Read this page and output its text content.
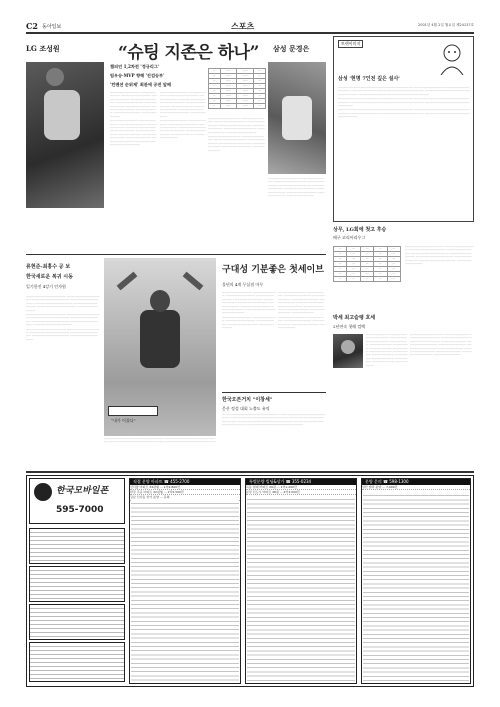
C2 동아일보	스포츠	2001년 4월 2일 월요일 제24137호
LG 조성원	“슈팅 지존은 하나” 삼성 문경은
챔피언 1,2차전 '정규리그'
팀우승·MVP 향해 '진검승부'
'컨벤션 순위제' 최관에 공전 앞배

ㅡㅡㅡㅡㅡㅡㅡㅡㅡㅡㅡㅡ ㅡㅡㅡㅡㅡㅡㅡㅡㅡㅡ ㅡㅡㅡㅡㅡㅡㅡㅡㅡㅡㅡㅡ ㅡㅡㅡㅡㅡㅡㅡㅡㅡㅡ ㅡㅡㅡㅡㅡㅡㅡㅡㅡㅡㅡㅡ ㅡㅡㅡㅡㅡㅡㅡㅡㅡㅡㅡ ㅡㅡㅡㅡㅡㅡㅡㅡㅡㅡㅡ ㅡㅡㅡㅡㅡㅡㅡㅡㅡㅡ ㅡㅡㅡㅡㅡㅡㅡㅡㅡㅡㅡㅡ ㅡㅡㅡㅡㅡㅡㅡㅡㅡ ㅡㅡㅡㅡㅡㅡㅡㅡㅡㅡㅡ ㅡㅡㅡㅡㅡㅡㅡㅡㅡㅡ

ㅡㅡㅡㅡㅡㅡㅡㅡㅡㅡㅡ ㅡㅡㅡㅡㅡㅡㅡㅡㅡㅡ ㅡㅡㅡㅡㅡㅡㅡㅡㅡㅡㅡ ㅡㅡㅡㅡㅡㅡㅡㅡㅡㅡ ㅡㅡㅡㅡㅡㅡㅡㅡㅡㅡㅡㅡ ㅡㅡㅡㅡㅡㅡㅡㅡㅡㅡ ㅡㅡㅡㅡㅡㅡㅡㅡㅡㅡㅡ ㅡㅡㅡㅡㅡㅡㅡㅡㅡ ㅡㅡㅡㅡㅡㅡㅡㅡㅡㅡㅡㅡ ㅡㅡㅡㅡㅡㅡㅡㅡㅡㅡ ㅡㅡㅡㅡㅡㅡㅡㅡㅡㅡㅡ ㅡㅡㅡㅡㅡㅡㅡㅡㅡ ㅡㅡㅡㅡㅡㅡㅡㅡㅡㅡㅡㅡ

ㅡㅡㅡㅡㅡㅡㅡㅡㅡㅡㅡ ㅡㅡㅡㅡㅡㅡㅡㅡㅡㅡ ㅡㅡㅡㅡㅡㅡㅡㅡㅡㅡㅡㅡ ㅡㅡㅡㅡㅡㅡㅡㅡㅡ ㅡㅡㅡㅡㅡㅡㅡㅡㅡㅡㅡ ㅡㅡㅡㅡㅡㅡㅡㅡㅡㅡ ㅡㅡㅡㅡㅡㅡㅡㅡㅡㅡㅡㅡ ㅡㅡㅡㅡㅡㅡㅡㅡㅡ ㅡㅡㅡㅡㅡㅡㅡㅡㅡㅡㅡ ㅡㅡㅡㅡㅡㅡㅡㅡㅡㅡ ㅡㅡㅡㅡㅡㅡㅡㅡㅡㅡㅡㅡ ㅡㅡㅡㅡㅡㅡㅡㅡㅡ

ㅡㅡㅡㅡㅡㅡㅡㅡㅡㅡㅡ ㅡㅡㅡㅡㅡㅡㅡㅡㅡㅡ ㅡㅡㅡㅡㅡㅡㅡㅡㅡㅡㅡㅡ ㅡㅡㅡㅡㅡㅡㅡㅡㅡ ㅡㅡㅡㅡㅡㅡㅡㅡㅡㅡㅡ ㅡㅡㅡㅡㅡㅡㅡㅡㅡㅡ ㅡㅡㅡㅡㅡㅡㅡㅡㅡㅡㅡㅡ ㅡㅡㅡㅡㅡㅡㅡㅡㅡ ㅡㅡㅡㅡㅡㅡㅡㅡㅡㅡㅡ

ㅡ	ㅡㅡ	ㅡㅡ	ㅡ
ㅡ	ㅡㅡ	ㅡㅡ	ㅡ
ㅡ	ㅡㅡ	ㅡㅡ	ㅡ
ㅡ	ㅡㅡ	ㅡㅡ	ㅡ
ㅡ	ㅡㅡ	ㅡㅡ	ㅡ
ㅡ	ㅡㅡ	ㅡㅡ	ㅡ
ㅡ	ㅡㅡ	ㅡㅡ	ㅡ
ㅡ	ㅡㅡ	ㅡㅡ	ㅡ

ㅡㅡㅡㅡㅡㅡㅡㅡㅡㅡㅡㅡㅡ ㅡㅡㅡㅡㅡㅡㅡㅡㅡㅡㅡ ㅡㅡㅡㅡㅡㅡㅡㅡㅡㅡㅡㅡㅡ ㅡㅡㅡㅡㅡㅡㅡㅡㅡㅡㅡ ㅡㅡㅡㅡㅡㅡㅡㅡㅡㅡㅡㅡㅡ ㅡㅡㅡㅡㅡㅡㅡㅡㅡㅡㅡ ㅡㅡㅡㅡㅡㅡㅡㅡㅡㅡㅡㅡㅡ ㅡㅡㅡㅡㅡㅡㅡㅡㅡㅡ ㅡㅡㅡㅡㅡㅡㅡㅡㅡㅡㅡㅡ

ㅡㅡㅡㅡㅡㅡㅡㅡㅡㅡㅡㅡㅡ ㅡㅡㅡㅡㅡㅡㅡㅡㅡㅡㅡ ㅡㅡㅡㅡㅡㅡㅡㅡㅡㅡㅡㅡㅡ ㅡㅡㅡㅡㅡㅡㅡㅡㅡㅡㅡ ㅡㅡㅡㅡㅡㅡㅡㅡㅡㅡㅡㅡㅡ ㅡㅡㅡㅡㅡㅡㅡㅡㅡㅡ ㅡㅡㅡㅡㅡㅡㅡㅡㅡㅡㅡㅡ ㅡㅡㅡㅡㅡㅡㅡㅡㅡㅡ

ㅡㅡㅡㅡㅡㅡㅡㅡㅡㅡㅡㅡㅡ ㅡㅡㅡㅡㅡㅡㅡㅡㅡㅡㅡ ㅡㅡㅡㅡㅡㅡㅡㅡㅡㅡㅡㅡㅡ ㅡㅡㅡㅡㅡㅡㅡㅡㅡㅡㅡ ㅡㅡㅡㅡㅡㅡㅡㅡㅡㅡㅡㅡㅡ ㅡㅡㅡㅡㅡㅡㅡㅡㅡㅡㅡ ㅡㅡㅡㅡㅡㅡㅡㅡㅡㅡㅡㅡㅡ ㅡㅡㅡㅡㅡㅡㅡㅡㅡㅡ ㅡㅡㅡㅡㅡㅡㅡㅡㅡㅡㅡㅡ ㅡㅡㅡㅡㅡㅡㅡㅡㅡㅡ ㅡㅡㅡㅡㅡㅡㅡㅡㅡㅡㅡ

트랜이미지
삼성 '현명 7인전 깊은 설사'

ㅡㅡㅡㅡㅡㅡㅡㅡㅡㅡㅡㅡㅡㅡㅡㅡㅡㅡㅡㅡㅡㅡㅡㅡㅡㅡㅡㅡㅡㅡ ㅡㅡㅡㅡㅡㅡㅡㅡㅡㅡㅡㅡㅡㅡㅡㅡㅡㅡㅡㅡㅡㅡㅡㅡㅡㅡㅡ ㅡㅡㅡㅡㅡㅡㅡㅡㅡㅡㅡㅡㅡㅡㅡㅡㅡㅡㅡㅡㅡㅡㅡㅡㅡㅡㅡㅡㅡ ㅡㅡㅡㅡㅡㅡㅡㅡㅡㅡㅡㅡㅡㅡㅡㅡㅡㅡㅡㅡㅡㅡㅡㅡㅡㅡ ㅡㅡㅡㅡㅡㅡㅡㅡㅡㅡㅡㅡㅡㅡㅡㅡㅡㅡㅡㅡㅡㅡㅡㅡㅡㅡㅡㅡ

ㅡㅡㅡㅡㅡㅡㅡㅡㅡㅡㅡㅡㅡㅡㅡㅡㅡㅡㅡㅡㅡㅡㅡㅡㅡㅡㅡㅡㅡㅡ ㅡㅡㅡㅡㅡㅡㅡㅡㅡㅡㅡㅡㅡㅡㅡㅡㅡㅡㅡㅡㅡㅡㅡㅡㅡㅡㅡ ㅡㅡㅡㅡㅡㅡㅡㅡㅡㅡㅡㅡㅡㅡㅡㅡㅡㅡㅡㅡㅡㅡㅡㅡㅡㅡㅡㅡㅡ ㅡㅡㅡㅡㅡㅡㅡㅡㅡㅡㅡㅡㅡㅡㅡㅡㅡㅡㅡㅡㅡㅡㅡㅡ

ㅡㅡㅡㅡㅡㅡㅡㅡㅡㅡㅡㅡㅡㅡㅡㅡㅡㅡㅡㅡㅡㅡㅡㅡㅡㅡㅡㅡㅡㅡ ㅡㅡㅡㅡㅡㅡㅡㅡㅡㅡㅡㅡㅡㅡㅡㅡㅡㅡㅡㅡㅡㅡㅡㅡㅡㅡㅡ ㅡㅡㅡㅡㅡㅡㅡㅡㅡㅡㅡㅡㅡㅡㅡㅡㅡㅡㅡㅡㅡㅡㅡㅡㅡㅡㅡㅡㅡ ㅡㅡㅡㅡㅡㅡㅡㅡㅡㅡㅡㅡㅡㅡㅡㅡㅡㅡㅡㅡㅡㅡㅡㅡㅡㅡ

류현준-최홍수 공 보
한국새로운 복귀 시동
일기한진 4강기 인자원

ㅡㅡㅡㅡㅡㅡㅡㅡㅡㅡㅡㅡㅡㅡㅡㅡ ㅡㅡㅡㅡㅡㅡㅡㅡㅡㅡㅡㅡㅡㅡ ㅡㅡㅡㅡㅡㅡㅡㅡㅡㅡㅡㅡㅡㅡㅡㅡ ㅡㅡㅡㅡㅡㅡㅡㅡㅡㅡㅡㅡㅡㅡ ㅡㅡㅡㅡㅡㅡㅡㅡㅡㅡㅡㅡㅡㅡㅡ ㅡㅡㅡㅡㅡㅡㅡㅡㅡㅡㅡㅡㅡㅡ ㅡㅡㅡㅡㅡㅡㅡㅡㅡㅡㅡㅡㅡㅡㅡㅡ ㅡㅡㅡㅡㅡㅡㅡㅡㅡㅡㅡㅡ

ㅡㅡㅡㅡㅡㅡㅡㅡㅡㅡㅡㅡㅡㅡㅡㅡ ㅡㅡㅡㅡㅡㅡㅡㅡㅡㅡㅡㅡㅡㅡ ㅡㅡㅡㅡㅡㅡㅡㅡㅡㅡㅡㅡㅡㅡㅡㅡ ㅡㅡㅡㅡㅡㅡㅡㅡㅡㅡㅡㅡㅡ ㅡㅡㅡㅡㅡㅡㅡㅡㅡㅡㅡㅡㅡㅡㅡ ㅡㅡㅡㅡㅡㅡㅡㅡㅡㅡㅡㅡㅡㅡ ㅡㅡㅡㅡㅡㅡㅡㅡㅡㅡㅡㅡㅡㅡㅡ

ㅡㅡㅡㅡㅡㅡㅡㅡㅡㅡㅡㅡㅡㅡㅡㅡ ㅡㅡㅡㅡㅡㅡㅡㅡㅡㅡㅡㅡㅡㅡ ㅡㅡㅡㅡㅡㅡㅡㅡㅡㅡㅡㅡㅡㅡㅡㅡ ㅡㅡㅡㅡㅡㅡㅡㅡㅡㅡㅡㅡㅡ ㅡㅡㅡㅡㅡㅡㅡㅡㅡㅡㅡㅡㅡㅡㅡ ㅡㅡㅡㅡㅡㅡㅡㅡㅡㅡㅡㅡㅡㅡ

“내가 이겼다”

ㅡㅡㅡㅡㅡㅡㅡㅡㅡㅡㅡㅡㅡㅡㅡㅡㅡㅡㅡㅡㅡㅡㅡㅡ ㅡㅡㅡㅡㅡㅡㅡㅡㅡㅡㅡㅡㅡㅡㅡㅡㅡㅡㅡㅡㅡ ㅡㅡㅡㅡㅡㅡㅡㅡㅡㅡㅡㅡㅡㅡㅡㅡㅡㅡㅡㅡㅡㅡㅡ ㅡㅡㅡㅡㅡㅡㅡㅡㅡㅡㅡㅡㅡㅡㅡㅡㅡㅡㅡㅡ

구대성 기분좋은 첫세이브
올년의 4개 무실점 마무

ㅡㅡㅡㅡㅡㅡㅡㅡㅡㅡㅡㅡ ㅡㅡㅡㅡㅡㅡㅡㅡㅡㅡ ㅡㅡㅡㅡㅡㅡㅡㅡㅡㅡㅡㅡ ㅡㅡㅡㅡㅡㅡㅡㅡㅡㅡㅡ ㅡㅡㅡㅡㅡㅡㅡㅡㅡㅡㅡㅡ ㅡㅡㅡㅡㅡㅡㅡㅡㅡㅡ ㅡㅡㅡㅡㅡㅡㅡㅡㅡㅡㅡㅡ ㅡㅡㅡㅡㅡㅡㅡㅡㅡ ㅡㅡㅡㅡㅡㅡㅡㅡㅡㅡㅡㅡ ㅡㅡㅡㅡㅡㅡㅡㅡㅡㅡ ㅡㅡㅡㅡㅡㅡㅡㅡㅡㅡㅡㅡ ㅡㅡㅡㅡㅡㅡㅡㅡㅡ

ㅡㅡㅡㅡㅡㅡㅡㅡㅡㅡㅡㅡ ㅡㅡㅡㅡㅡㅡㅡㅡㅡㅡ ㅡㅡㅡㅡㅡㅡㅡㅡㅡㅡㅡㅡ ㅡㅡㅡㅡㅡㅡㅡㅡㅡ ㅡㅡㅡㅡㅡㅡㅡㅡㅡㅡㅡㅡ ㅡㅡㅡㅡㅡㅡㅡㅡㅡㅡ

ㅡㅡㅡㅡㅡㅡㅡㅡㅡㅡㅡ ㅡㅡㅡㅡㅡㅡㅡㅡㅡ ㅡㅡㅡㅡㅡㅡㅡㅡㅡㅡㅡ ㅡㅡㅡㅡㅡㅡㅡㅡㅡㅡ ㅡㅡㅡㅡㅡㅡㅡㅡㅡㅡㅡ ㅡㅡㅡㅡㅡㅡㅡㅡㅡ ㅡㅡㅡㅡㅡㅡㅡㅡㅡㅡㅡ ㅡㅡㅡㅡㅡㅡㅡㅡㅡㅡ ㅡㅡㅡㅡㅡㅡㅡㅡㅡㅡㅡ ㅡㅡㅡㅡㅡㅡㅡㅡㅡ ㅡㅡㅡㅡㅡㅡㅡㅡㅡㅡㅡ ㅡㅡㅡㅡㅡㅡㅡㅡㅡ

ㅡㅡㅡㅡㅡㅡㅡㅡㅡㅡㅡ ㅡㅡㅡㅡㅡㅡㅡㅡㅡ ㅡㅡㅡㅡㅡㅡㅡㅡㅡㅡㅡ ㅡㅡㅡㅡㅡㅡㅡㅡㅡㅡ ㅡㅡㅡㅡㅡㅡㅡㅡㅡㅡㅡ ㅡㅡㅡㅡㅡㅡㅡㅡㅡ

한국오픈거치 "이창세"
몽산 정성 대회 노출도 유익

ㅡㅡㅡㅡㅡㅡㅡㅡㅡㅡㅡㅡㅡㅡㅡㅡㅡㅡㅡㅡㅡㅡㅡ ㅡㅡㅡㅡㅡㅡㅡㅡㅡㅡㅡㅡㅡㅡㅡㅡㅡㅡㅡㅡㅡ ㅡㅡㅡㅡㅡㅡㅡㅡㅡㅡㅡㅡㅡㅡㅡㅡㅡㅡㅡㅡㅡㅡㅡ ㅡㅡㅡㅡㅡㅡㅡㅡㅡㅡㅡㅡㅡㅡㅡㅡㅡㅡㅡㅡ ㅡㅡㅡㅡㅡㅡㅡㅡㅡㅡㅡㅡㅡㅡㅡㅡㅡㅡㅡㅡㅡㅡ ㅡㅡㅡㅡㅡㅡㅡㅡㅡㅡㅡㅡㅡㅡㅡㅡㅡㅡㅡㅡㅡ ㅡㅡㅡㅡㅡㅡㅡㅡㅡㅡㅡㅡㅡㅡㅡㅡㅡㅡㅡㅡㅡㅡㅡ

상무, LG회에 첫고 후승
배구 코리아리우그
ㅡ	ㅡ	ㅡ	ㅡ	ㅡ
ㅡ	ㅡ	ㅡ	ㅡ	ㅡ
ㅡ	ㅡ	ㅡ	ㅡ	ㅡ
ㅡ	ㅡ	ㅡ	ㅡ	ㅡ
ㅡ	ㅡ	ㅡ	ㅡ	ㅡ
ㅡ	ㅡ	ㅡ	ㅡ	ㅡ
ㅡ	ㅡ	ㅡ	ㅡ	ㅡ

ㅡㅡㅡㅡㅡㅡㅡㅡㅡㅡㅡㅡㅡㅡㅡ ㅡㅡㅡㅡㅡㅡㅡㅡㅡㅡㅡㅡㅡ ㅡㅡㅡㅡㅡㅡㅡㅡㅡㅡㅡㅡㅡㅡㅡ ㅡㅡㅡㅡㅡㅡㅡㅡㅡㅡㅡㅡ ㅡㅡㅡㅡㅡㅡㅡㅡㅡㅡㅡㅡㅡㅡㅡ ㅡㅡㅡㅡㅡㅡㅡㅡㅡㅡㅡㅡㅡ ㅡㅡㅡㅡㅡㅡㅡㅡㅡㅡㅡㅡㅡㅡㅡ ㅡㅡㅡㅡㅡㅡㅡㅡㅡㅡㅡㅡ ㅡㅡㅡㅡㅡㅡㅡㅡㅡㅡㅡㅡㅡㅡㅡ ㅡㅡㅡㅡㅡㅡㅡㅡㅡㅡㅡㅡㅡ

박세 최고슬랭 호세
2년연속 첫레 컴백

ㅡㅡㅡㅡㅡㅡㅡㅡㅡ ㅡㅡㅡㅡㅡㅡㅡ ㅡㅡㅡㅡㅡㅡㅡㅡㅡ ㅡㅡㅡㅡㅡㅡㅡ ㅡㅡㅡㅡㅡㅡㅡㅡㅡ ㅡㅡㅡㅡㅡㅡㅡㅡ ㅡㅡㅡㅡㅡㅡㅡㅡㅡ ㅡㅡㅡㅡㅡㅡㅡ ㅡㅡㅡㅡㅡㅡㅡㅡㅡ ㅡㅡㅡㅡㅡㅡㅡ ㅡㅡㅡㅡㅡㅡㅡㅡㅡ ㅡㅡㅡㅡㅡㅡㅡㅡ ㅡㅡㅡㅡㅡㅡㅡㅡㅡ ㅡㅡㅡㅡㅡㅡㅡ ㅡㅡㅡㅡㅡㅡㅡㅡㅡ ㅡㅡㅡㅡㅡㅡㅡ ㅡㅡㅡㅡㅡㅡㅡㅡㅡ ㅡㅡㅡㅡㅡㅡㅡㅡ

ㅡㅡㅡㅡㅡㅡㅡㅡㅡㅡㅡㅡㅡ ㅡㅡㅡㅡㅡㅡㅡㅡㅡㅡ ㅡㅡㅡㅡㅡㅡㅡㅡㅡㅡㅡㅡㅡ ㅡㅡㅡㅡㅡㅡㅡㅡㅡㅡㅡ ㅡㅡㅡㅡㅡㅡㅡㅡㅡㅡㅡㅡㅡ ㅡㅡㅡㅡㅡㅡㅡㅡㅡㅡ ㅡㅡㅡㅡㅡㅡㅡㅡㅡㅡㅡㅡㅡ ㅡㅡㅡㅡㅡㅡㅡㅡㅡㅡㅡ ㅡㅡㅡㅡㅡㅡㅡㅡㅡㅡㅡㅡㅡ ㅡㅡㅡㅡㅡㅡㅡㅡㅡㅡ ㅡㅡㅡㅡㅡㅡㅡㅡㅡㅡㅡㅡㅡ ㅡㅡㅡㅡㅡㅡㅡㅡㅡㅡ ㅡㅡㅡㅡㅡㅡㅡㅡㅡㅡㅡㅡㅡ ㅡㅡㅡㅡㅡㅡㅡㅡㅡㅡㅡ

한국모바일폰
595-7000
직접 분양 아파트 ☎ 455-2700
신서울 아파트 34평형 ... 1억2,800만
한강 주공 아파트 32평형 ... 1억5,500만
강남 신사동 상가 분양 ... 문의
특별분양 빌딩&상가 ☎ 355-0234
목동 현대 아파트 29평 ... 1억1,200만
분당 신도시 아파트 48평 ... 2억3,000만
분양 문의 ☎ 598-1300
일산 빌라 분양 ... 7,900만
